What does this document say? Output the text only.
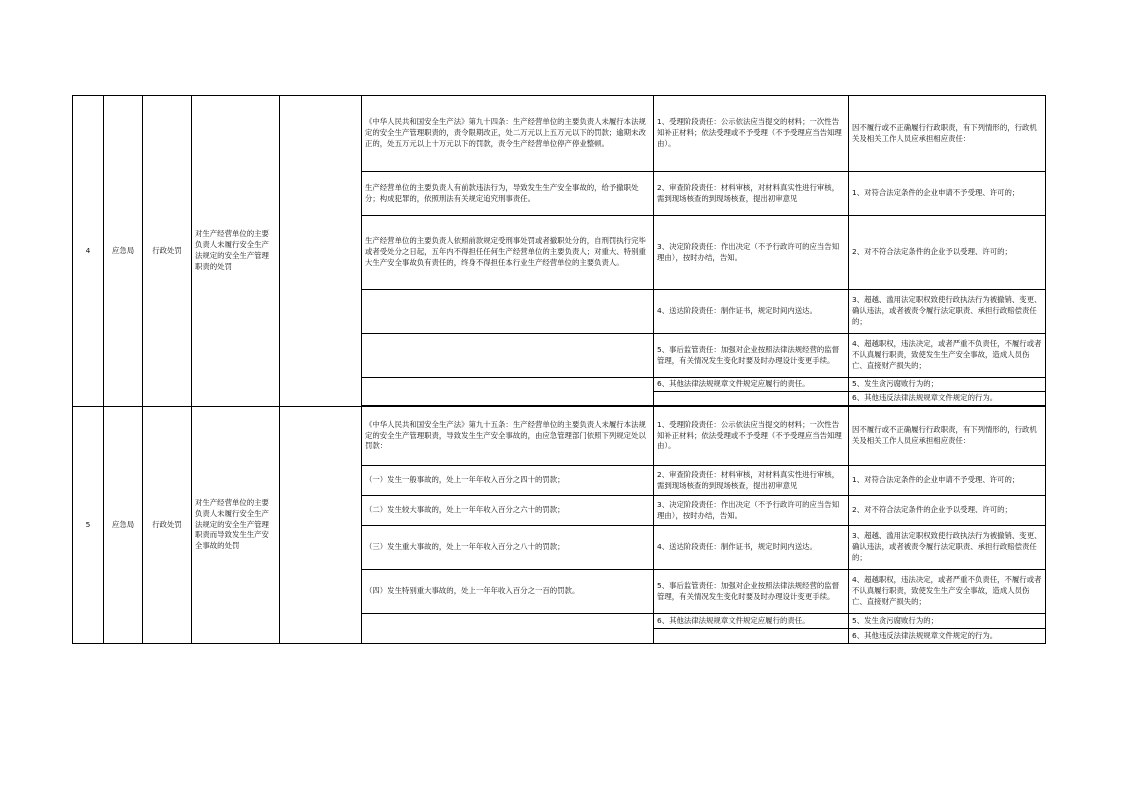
4	应急局	行政处罚	对生产经营单位的主要负责人未履行安全生产法规定的安全生产管理职责的处罚		《中华人民共和国安全生产法》第九十四条：生产经营单位的主要负责人未履行本法规定的安全生产管理职责的，责令限期改正，处二万元以上五万元以下的罚款；逾期未改正的，处五万元以上十万元以下的罚款，责令生产经营单位停产停业整顿。	1、受理阶段责任：公示依法应当提交的材料；一次性告知补正材料；依法受理或不予受理（不予受理应当告知理由）。	因不履行或不正确履行行政职责，有下列情形的，行政机关及相关工作人员应承担相应责任：
					生产经营单位的主要负责人有前款违法行为，导致发生生产安全事故的，给予撤职处分；构成犯罪的，依照刑法有关规定追究刑事责任。	2、审查阶段责任：材料审核，对材料真实性进行审核，需到现场核查的到现场核查，提出初审意见	1、对符合法定条件的企业申请不予受理、许可的；
					生产经营单位的主要负责人依照前款规定受刑事处罚或者撤职处分的，自刑罚执行完毕或者受处分之日起，五年内不得担任任何生产经营单位的主要负责人；对重大、特别重大生产安全事故负有责任的，终身不得担任本行业生产经营单位的主要负责人。	3、决定阶段责任：作出决定（不予行政许可的应当告知理由），按时办结，告知。	2、对不符合法定条件的企业予以受理、许可的；
						4、送达阶段责任：制作证书，规定时间内送达。	3、超越、滥用法定职权致使行政执法行为被撤销、变更、确认违法，或者被责令履行法定职责、承担行政赔偿责任的；
						5、事后监管责任：加强对企业按照法律法规经营的监督管理，有关情况发生变化时要及时办理设计变更手续。	4、超越职权，违法决定，或者严重不负责任，不履行或者不认真履行职责，致使发生生产安全事故，造成人员伤亡、直接财产损失的；
						6、其他法律法规规章文件规定应履行的责任。	5、发生贪污腐败行为的；
							6、其他违反法律法规规章文件规定的行为。

5	应急局	行政处罚	对生产经营单位的主要负责人未履行安全生产法规定的安全生产管理职责而导致发生生产安全事故的处罚		《中华人民共和国安全生产法》第九十五条：生产经营单位的主要负责人未履行本法规定的安全生产管理职责，导致发生生产安全事故的，由应急管理部门依照下列规定处以罚款：	1、受理阶段责任：公示依法应当提交的材料；一次性告知补正材料；依法受理或不予受理（不予受理应当告知理由）。	因不履行或不正确履行行政职责，有下列情形的，行政机关及相关工作人员应承担相应责任：
					（一）发生一般事故的，处上一年年收入百分之四十的罚款；	2、审查阶段责任：材料审核，对材料真实性进行审核，需到现场核查的到现场核查，提出初审意见	1、对符合法定条件的企业申请不予受理、许可的；
					（二）发生较大事故的，处上一年年收入百分之六十的罚款；	3、决定阶段责任：作出决定（不予行政许可的应当告知理由），按时办结，告知。	2、对不符合法定条件的企业予以受理、许可的；
					（三）发生重大事故的，处上一年年收入百分之八十的罚款；	4、送达阶段责任：制作证书，规定时间内送达。	3、超越、滥用法定职权致使行政执法行为被撤销、变更、确认违法，或者被责令履行法定职责、承担行政赔偿责任的；
					（四）发生特别重大事故的，处上一年年收入百分之一百的罚款。	5、事后监管责任：加强对企业按照法律法规经营的监督管理，有关情况发生变化时要及时办理设计变更手续。	4、超越职权，违法决定，或者严重不负责任，不履行或者不认真履行职责，致使发生生产安全事故，造成人员伤亡、直接财产损失的；
						6、其他法律法规规章文件规定应履行的责任。	5、发生贪污腐败行为的；
							6、其他违反法律法规规章文件规定的行为。
